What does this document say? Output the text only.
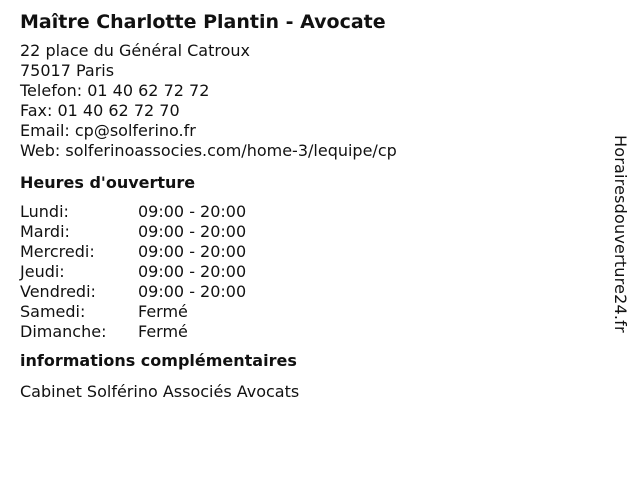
Maître Charlotte Plantin - Avocate
22 place du Général Catroux
75017 Paris
Telefon: 01 40 62 72 72
Fax: 01 40 62 72 70
Email: cp@solferino.fr
Web: solferinoassocies.com/home-3/lequipe/cp
Heures d'ouverture
Lundi:	09:00 - 20:00
Mardi:	09:00 - 20:00
Mercredi:	09:00 - 20:00
Jeudi:	09:00 - 20:00
Vendredi:	09:00 - 20:00
Samedi:	Fermé
Dimanche:	Fermé
informations complémentaires
Cabinet Solférino Associés Avocats
Horairesdouverture24.fr
